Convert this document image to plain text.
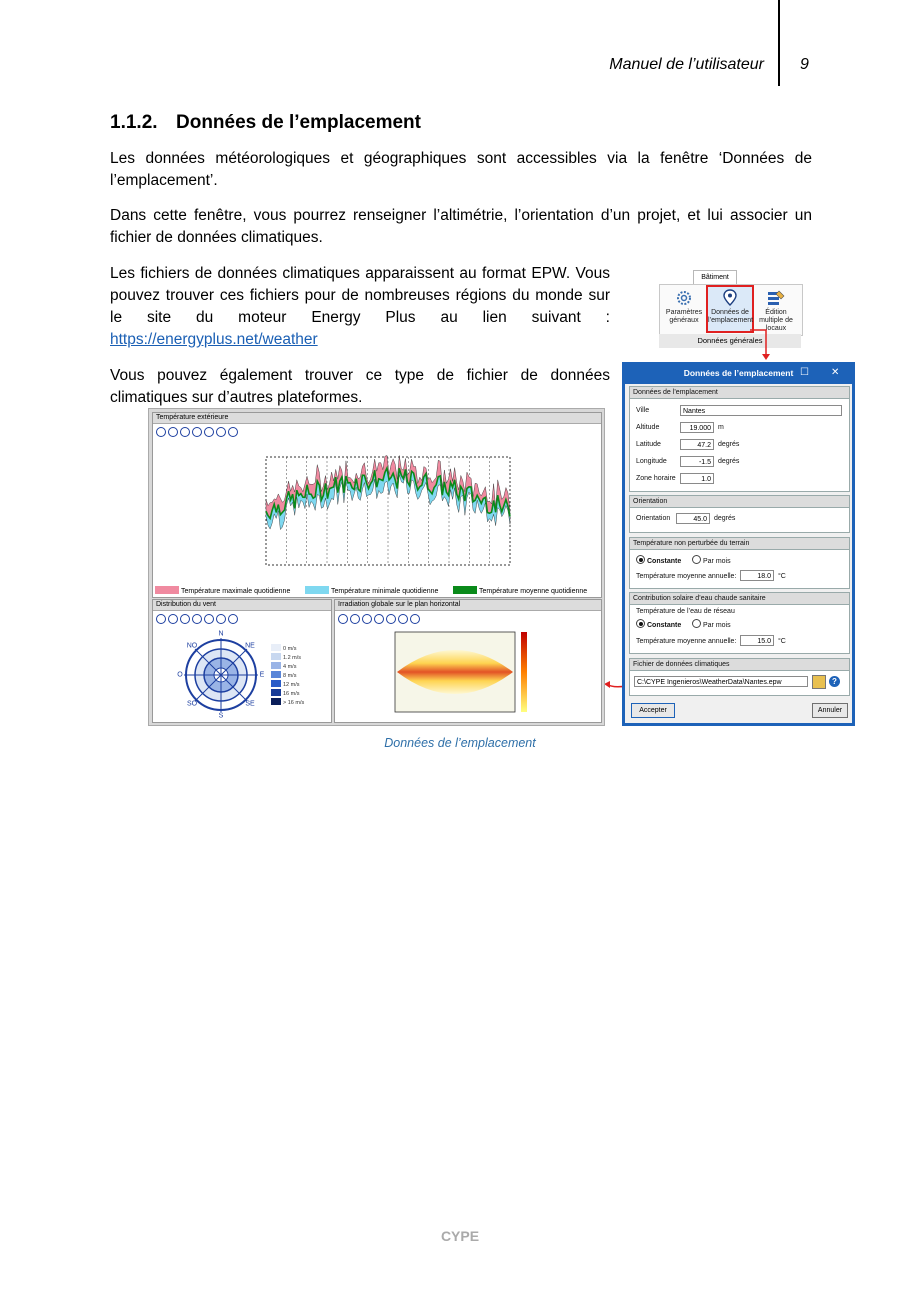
Manuel de l’utilisateur 9
1.1.2. Données de l’emplacement
Les données météorologiques et géographiques sont accessibles via la fenêtre ‘Données de l’emplacement’.
Dans cette fenêtre, vous pourrez renseigner l’altimétrie, l’orientation d’un projet, et lui associer un fichier de données climatiques.
Les fichiers de données climatiques apparaissent au format EPW. Vous pouvez trouver ces fichiers pour de nombreuses régions du monde sur le site du moteur Energy Plus au lien suivant : https://energyplus.net/weather
Vous pouvez également trouver ce type de fichier de données climatiques sur d’autres plateformes.
Bâtiment
Paramètres généraux
Données de l’emplacement
Édition multiple de locaux
Données générales
Données de l’emplacement ☐ ✕
Données de l’emplacement
Ville	Nantes
Altitude	19.000	m
Latitude	47.2	degrés
Longitude	-1.5	degrés
Zone horaire	1.0
Orientation
Orientation	45.0	degrés
Température non perturbée du terrain
Constante	Par mois
Température moyenne annuelle:	18.0	°C
Contribution solaire d’eau chaude sanitaire
Température de l’eau de réseau
Constante	Par mois
Température moyenne annuelle:	15.0	°C
Fichier de données climatiques
C:\CYPE Ingenieros\WeatherData\Nantes.epw	?
Accepter	Annuler
Température extérieure
Température maximale quotidienne	Température minimale quotidienne	Température moyenne quotidienne
Distribution du vent
N
NE
E
SE
S
SO
O
NO	0 m/s
1.2 m/s
4 m/s
8 m/s
12 m/s
16 m/s
> 16 m/s
Irradiation globale sur le plan horizontal
Données de l’emplacement
CYPE
